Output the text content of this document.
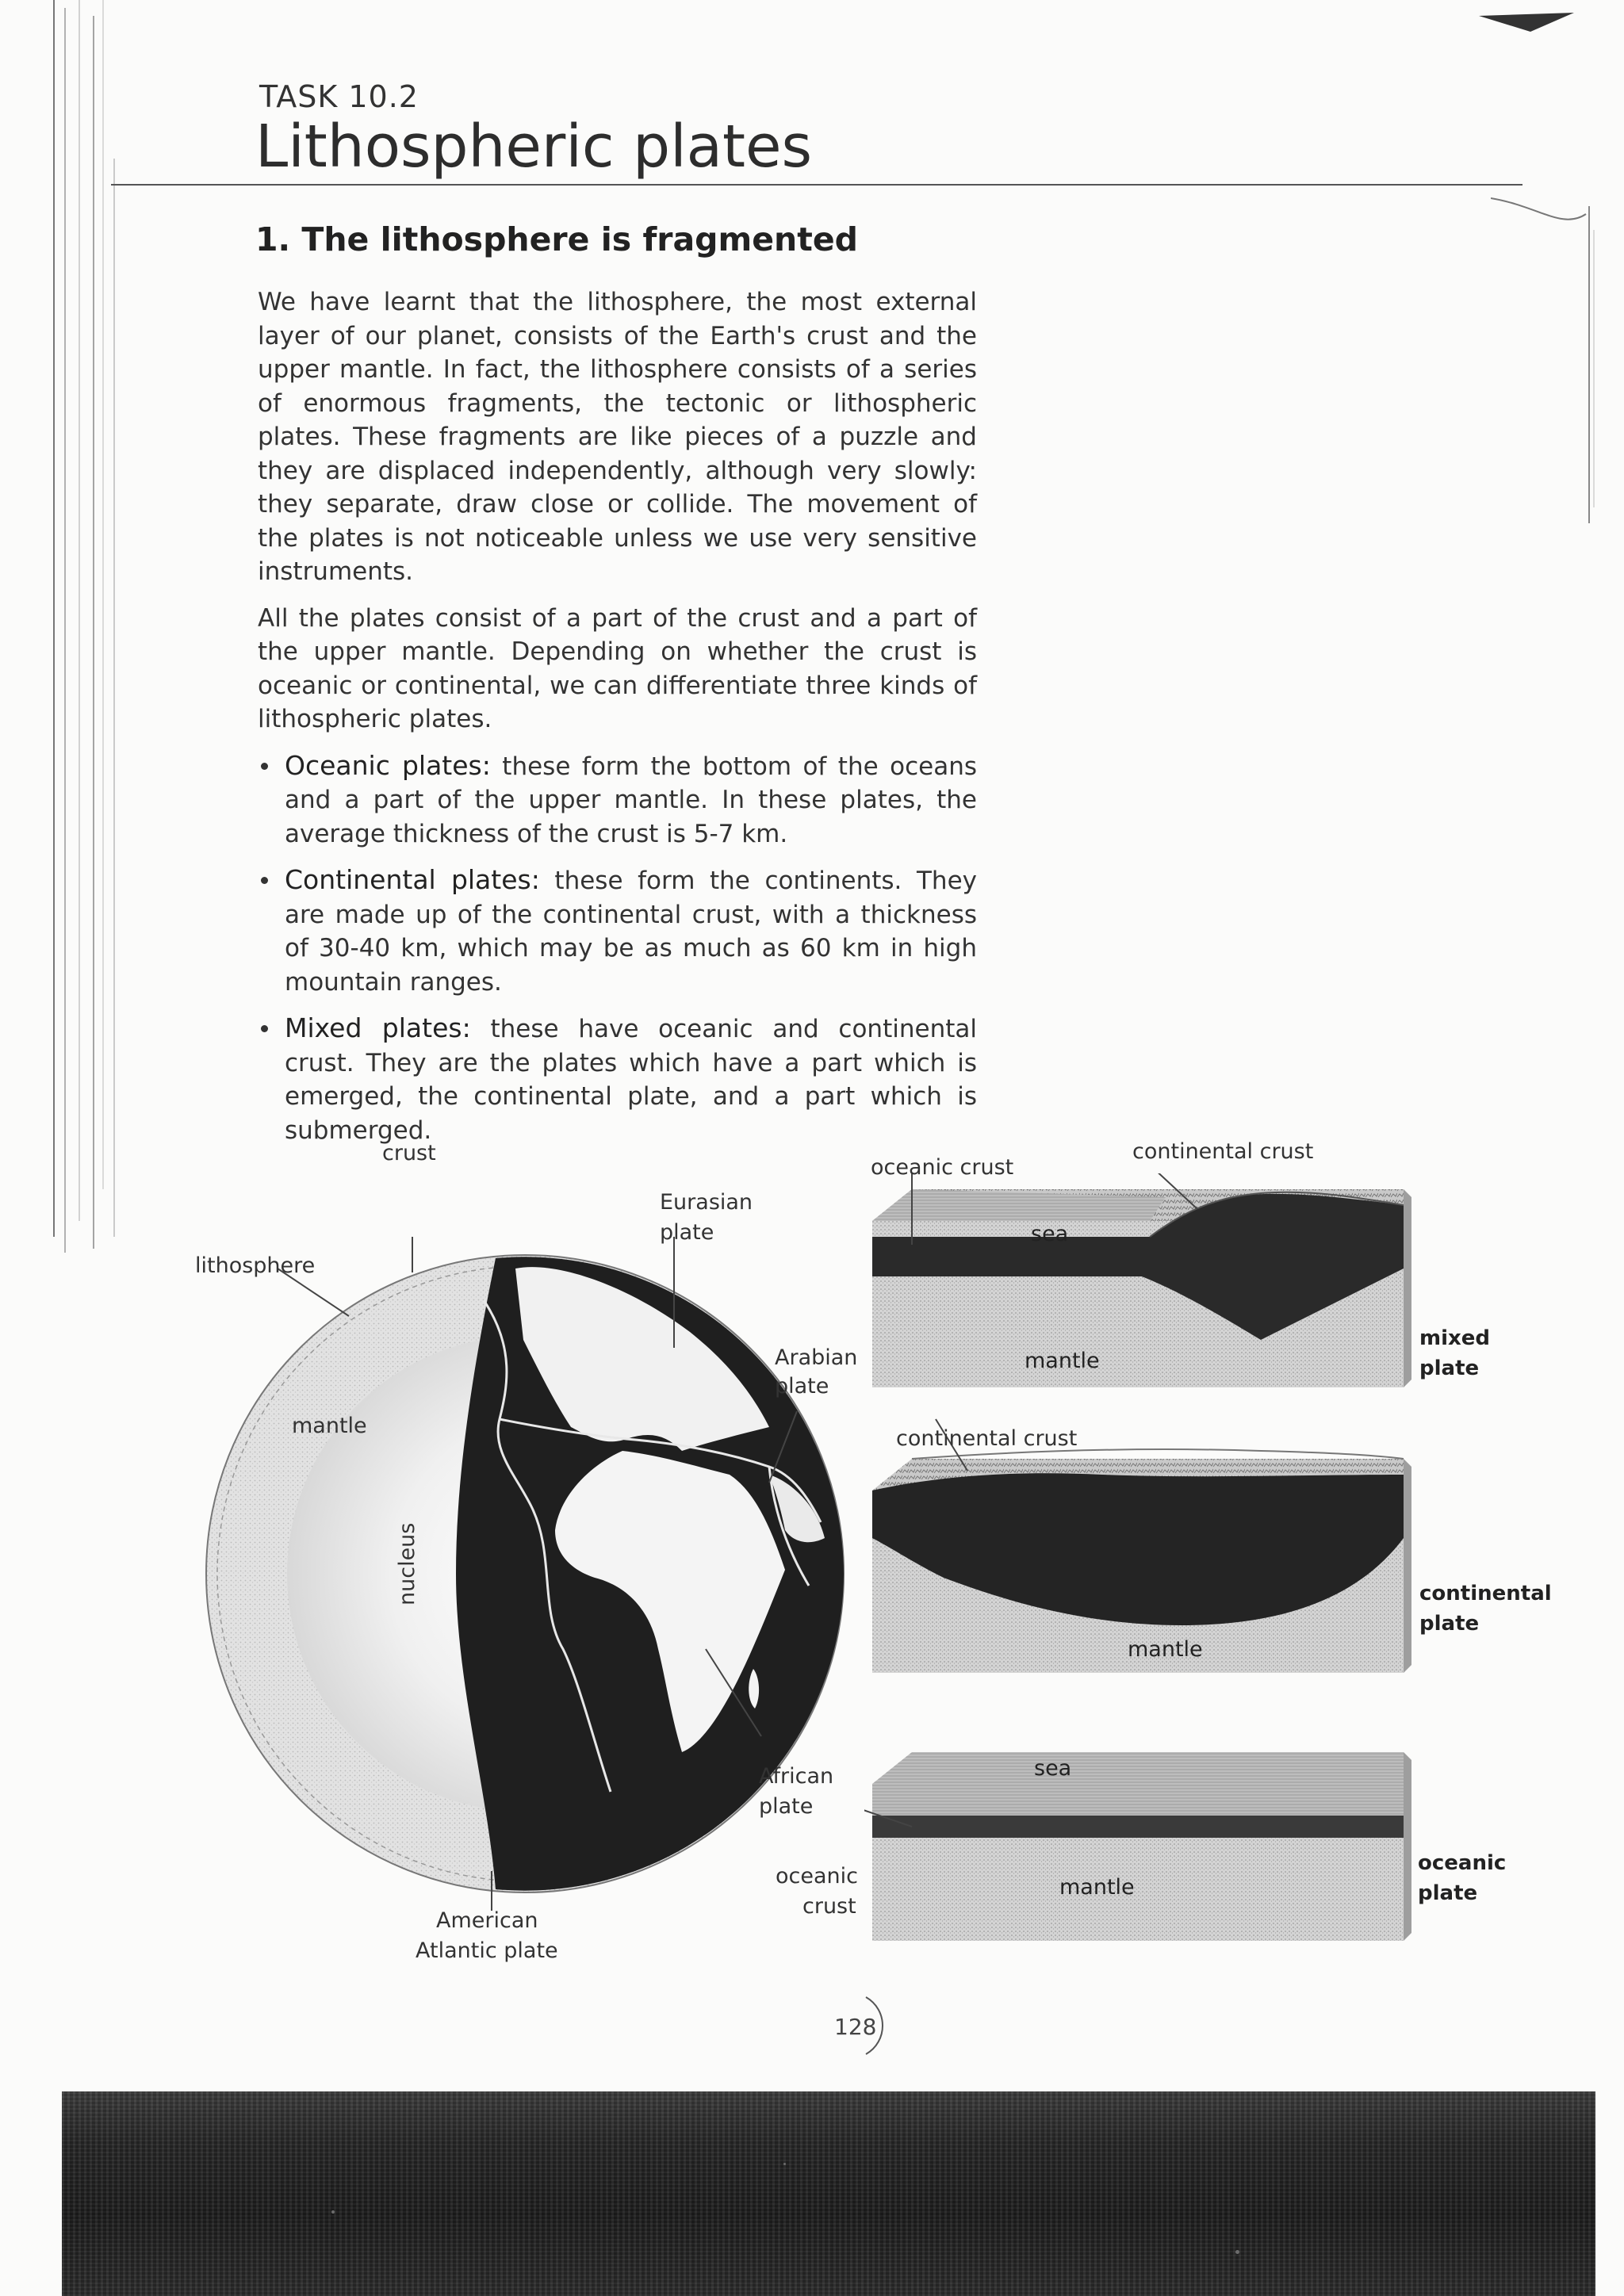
TASK 10.2
Lithospheric plates
1. The lithosphere is fragmented

We have learnt that the lithosphere, the most external layer of our planet, consists of the Earth's crust and the upper mantle. In fact, the lithosphere consists of a series of enormous fragments, the tectonic or lithospheric plates. These fragments are like pieces of a puzzle and they are displaced independently, although very slowly: they separate, draw close or collide. The movement of the plates is not noticeable unless we use very sensitive instruments.

All the plates consist of a part of the crust and a part of the upper mantle. Depending on whether the crust is oceanic or continental, we can differentiate three kinds of lithospheric plates.

Oceanic plates: these form the bottom of the oceans and a part of the upper mantle. In these plates, the average thickness of the crust is 5-7 km.
Continental plates: these form the continents. They are made up of the continental crust, with a thickness of 30-40 km, which may be as much as 60 km in high mountain ranges.
Mixed plates: these have oceanic and continental crust. They are the plates which have a part which is emerged, the continental plate, and a part which is submerged.
crust
lithosphere
mantle
nucleus
Eurasian
plate
Arabian
plate
African
plate
American
Atlantic plate
oceanic crust
continental crust
sea
mantle
mixed
plate
continental crust
mantle
continental
plate
sea
mantle
oceanic
crust
oceanic
plate
128
